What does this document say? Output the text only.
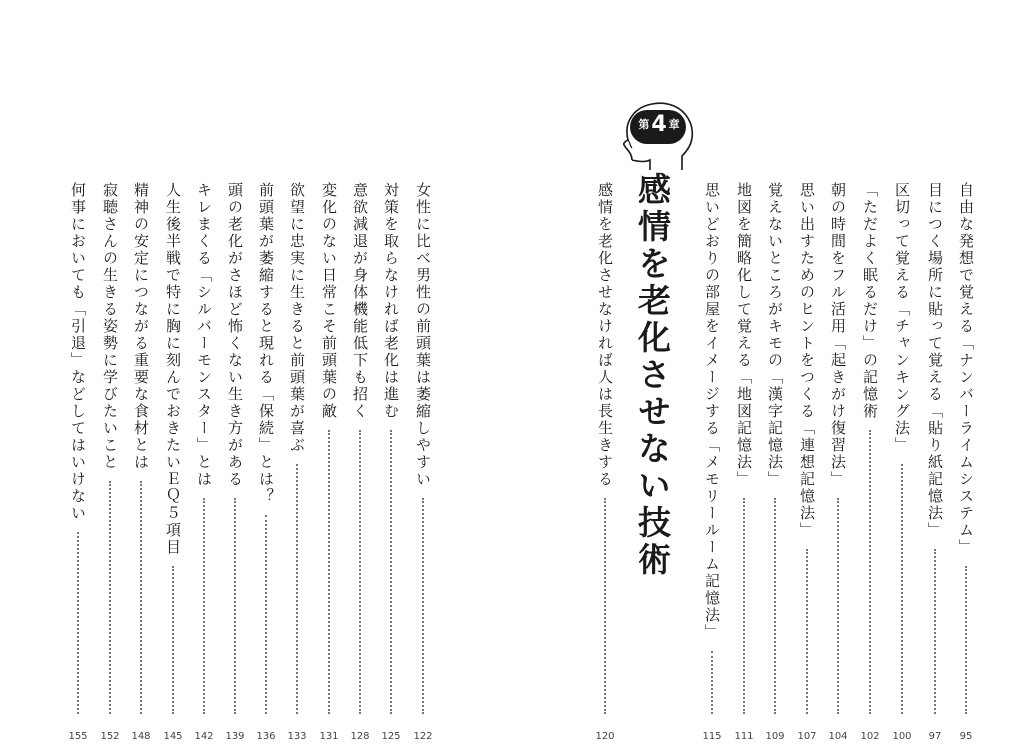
第4 章
感情を老化させない技術	自由な発想で覚える「ナンバーライムシステム」
95
目につく場所に貼って覚える「貼り紙記憶法」
97
区切って覚える「チャンキング法」
100
「ただよく眠るだけ」の記憶術
102
朝の時間をフル活用「起きがけ復習法」
104
思い出すためのヒントをつくる「連想記憶法」
107
覚えないところがキモの「漢字記憶法」
109
地図を簡略化して覚える「地図記憶法」
111
思いどおりの部屋をイメージする「メモリールーム記憶法」
115
感情を老化させなければ人は長生きする
120
女性に比べ男性の前頭葉は萎縮しやすい
122
対策を取らなければ老化は進む
125
意欲減退が身体機能低下も招く
128
変化のない日常こそ前頭葉の敵
131
欲望に忠実に生きると前頭葉が喜ぶ
133
前頭葉が萎縮すると現れる「保続」とは？
136
頭の老化がさほど怖くない生き方がある
139
キレまくる「シルバーモンスター」とは
142
人生後半戦で特に胸に刻んでおきたいＥＱ５項目
145
精神の安定につながる重要な食材とは
148
寂聴さんの生きる姿勢に学びたいこと
152
何事においても「引退」などしてはいけない
155
